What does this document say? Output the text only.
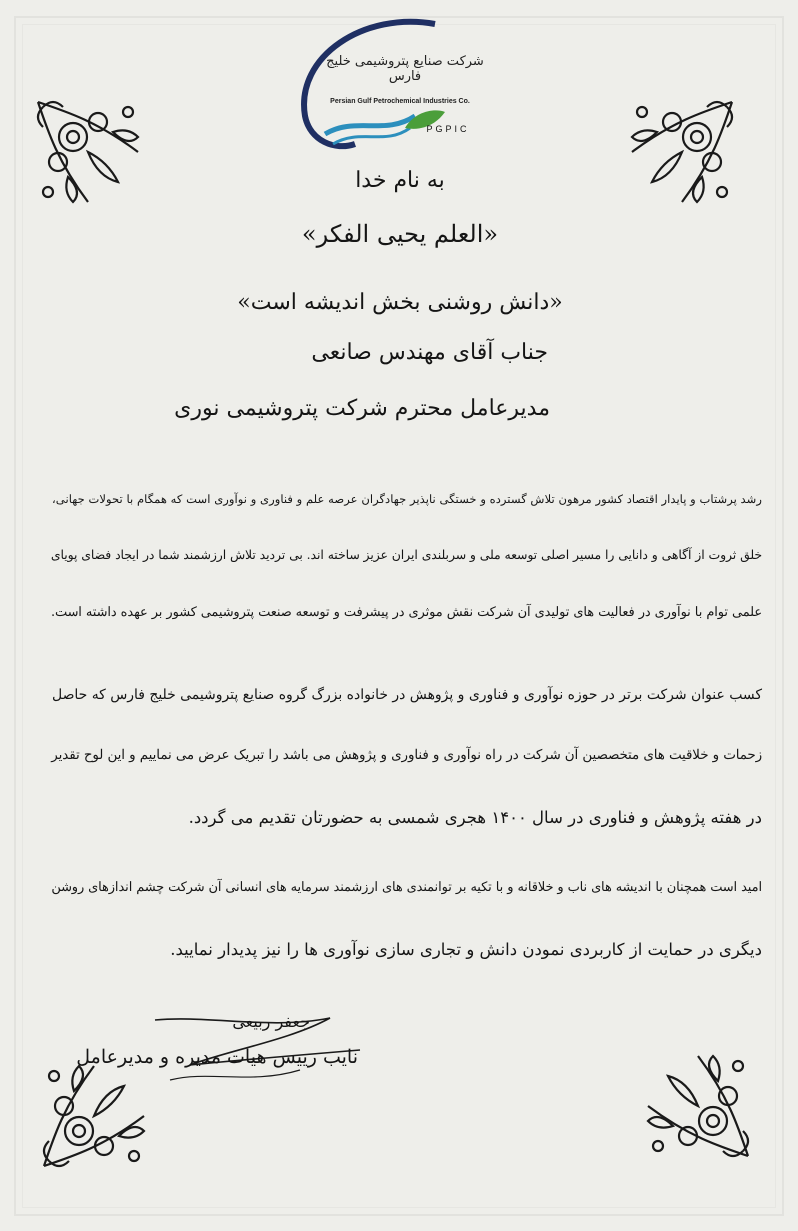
شرکت صنایع پتروشیمی خلیج فارس
Persian Gulf Petrochemical Industries Co.
PGPIC
به نام خدا
«العلم یحیی الفکر»
«دانش روشنی بخش اندیشه است»
جناب آقای مهندس صانعی
مدیرعامل محترم شرکت پتروشیمی نوری
رشد پرشتاب و پایدار اقتصاد کشور مرهون تلاش گسترده و خستگی ناپذیر جهادگران عرصه علم و فناوری و نوآوری است که همگام با تحولات جهانی،
خلق ثروت از آگاهی و دانایی را مسیر اصلی توسعه ملی و سربلندی ایران عزیز ساخته اند. بی تردید تلاش ارزشمند شما در ایجاد فضای پویای
علمی توام با نوآوری در فعالیت های تولیدی آن شرکت نقش موثری در پیشرفت و توسعه صنعت پتروشیمی کشور بر عهده داشته است.
کسب عنوان شرکت برتر در حوزه نوآوری و فناوری و پژوهش در خانواده بزرگ گروه صنایع پتروشیمی خلیج فارس که حاصل
زحمات و خلاقیت های متخصصین آن شرکت در راه نوآوری و فناوری و پژوهش می باشد را تبریک عرض می نماییم و این لوح تقدیر
در هفته پژوهش و فناوری در سال ۱۴۰۰ هجری شمسی به حضورتان تقدیم می گردد.
امید است همچنان با اندیشه های ناب و خلاقانه و با تکیه بر توانمندی های ارزشمند سرمایه های انسانی آن شرکت چشم اندازهای روشن
دیگری در حمایت از کاربردی نمودن دانش و تجاری سازی نوآوری ها را نیز پدیدار نمایید.
جعفر ربیعی
نایب رییس هیات مدیره و مدیرعامل
